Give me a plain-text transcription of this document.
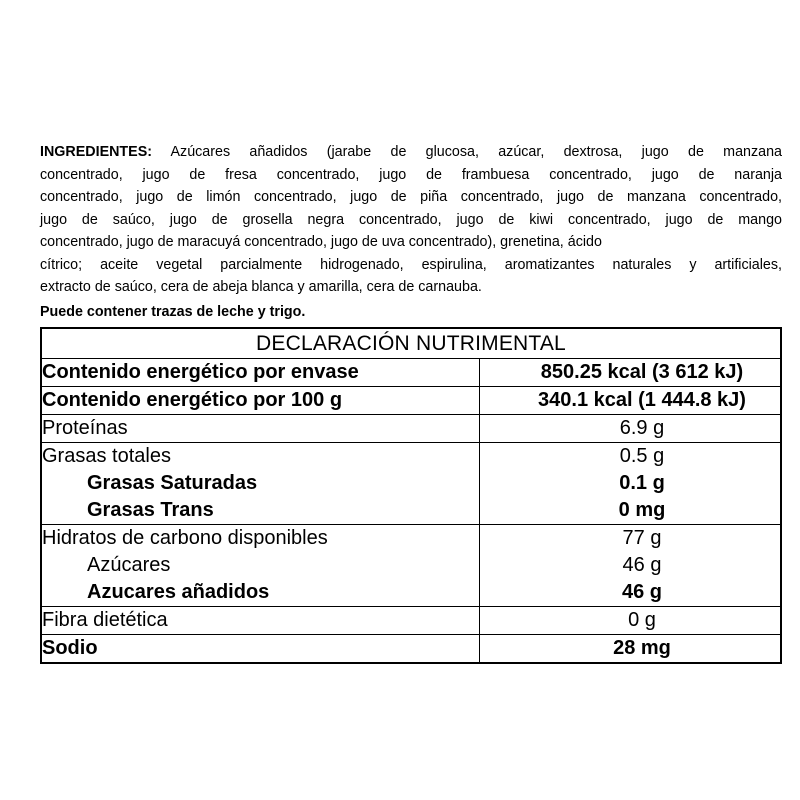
INGREDIENTES: Azúcares añadidos (jarabe de glucosa, azúcar, dextrosa, jugo de manzana
concentrado, jugo de fresa concentrado, jugo de frambuesa concentrado, jugo de naranja
concentrado, jugo de limón concentrado, jugo de piña concentrado, jugo de manzana concentrado,
jugo de saúco, jugo de grosella negra concentrado, jugo de kiwi concentrado, jugo de mango
concentrado, jugo de maracuyá concentrado, jugo de uva concentrado), grenetina, ácido
cítrico; aceite vegetal parcialmente hidrogenado, espirulina, aromatizantes naturales y artificiales,
extracto de saúco, cera de abeja blanca y amarilla, cera de carnauba.
Puede contener trazas de leche y trigo.
DECLARACIÓN NUTRIMENTAL	
Contenido energético por envase	850.25 kcal (3 612 kJ)
Contenido energético por 100 g	340.1 kcal (1 444.8 kJ)
Proteínas	6.9 g
Grasas totales	0.5 g
Grasas Saturadas	0.1 g
Grasas Trans	0 mg
Hidratos de carbono disponibles	77 g
Azúcares	46 g
Azucares añadidos	46 g
Fibra dietética	0 g
Sodio	28 mg
